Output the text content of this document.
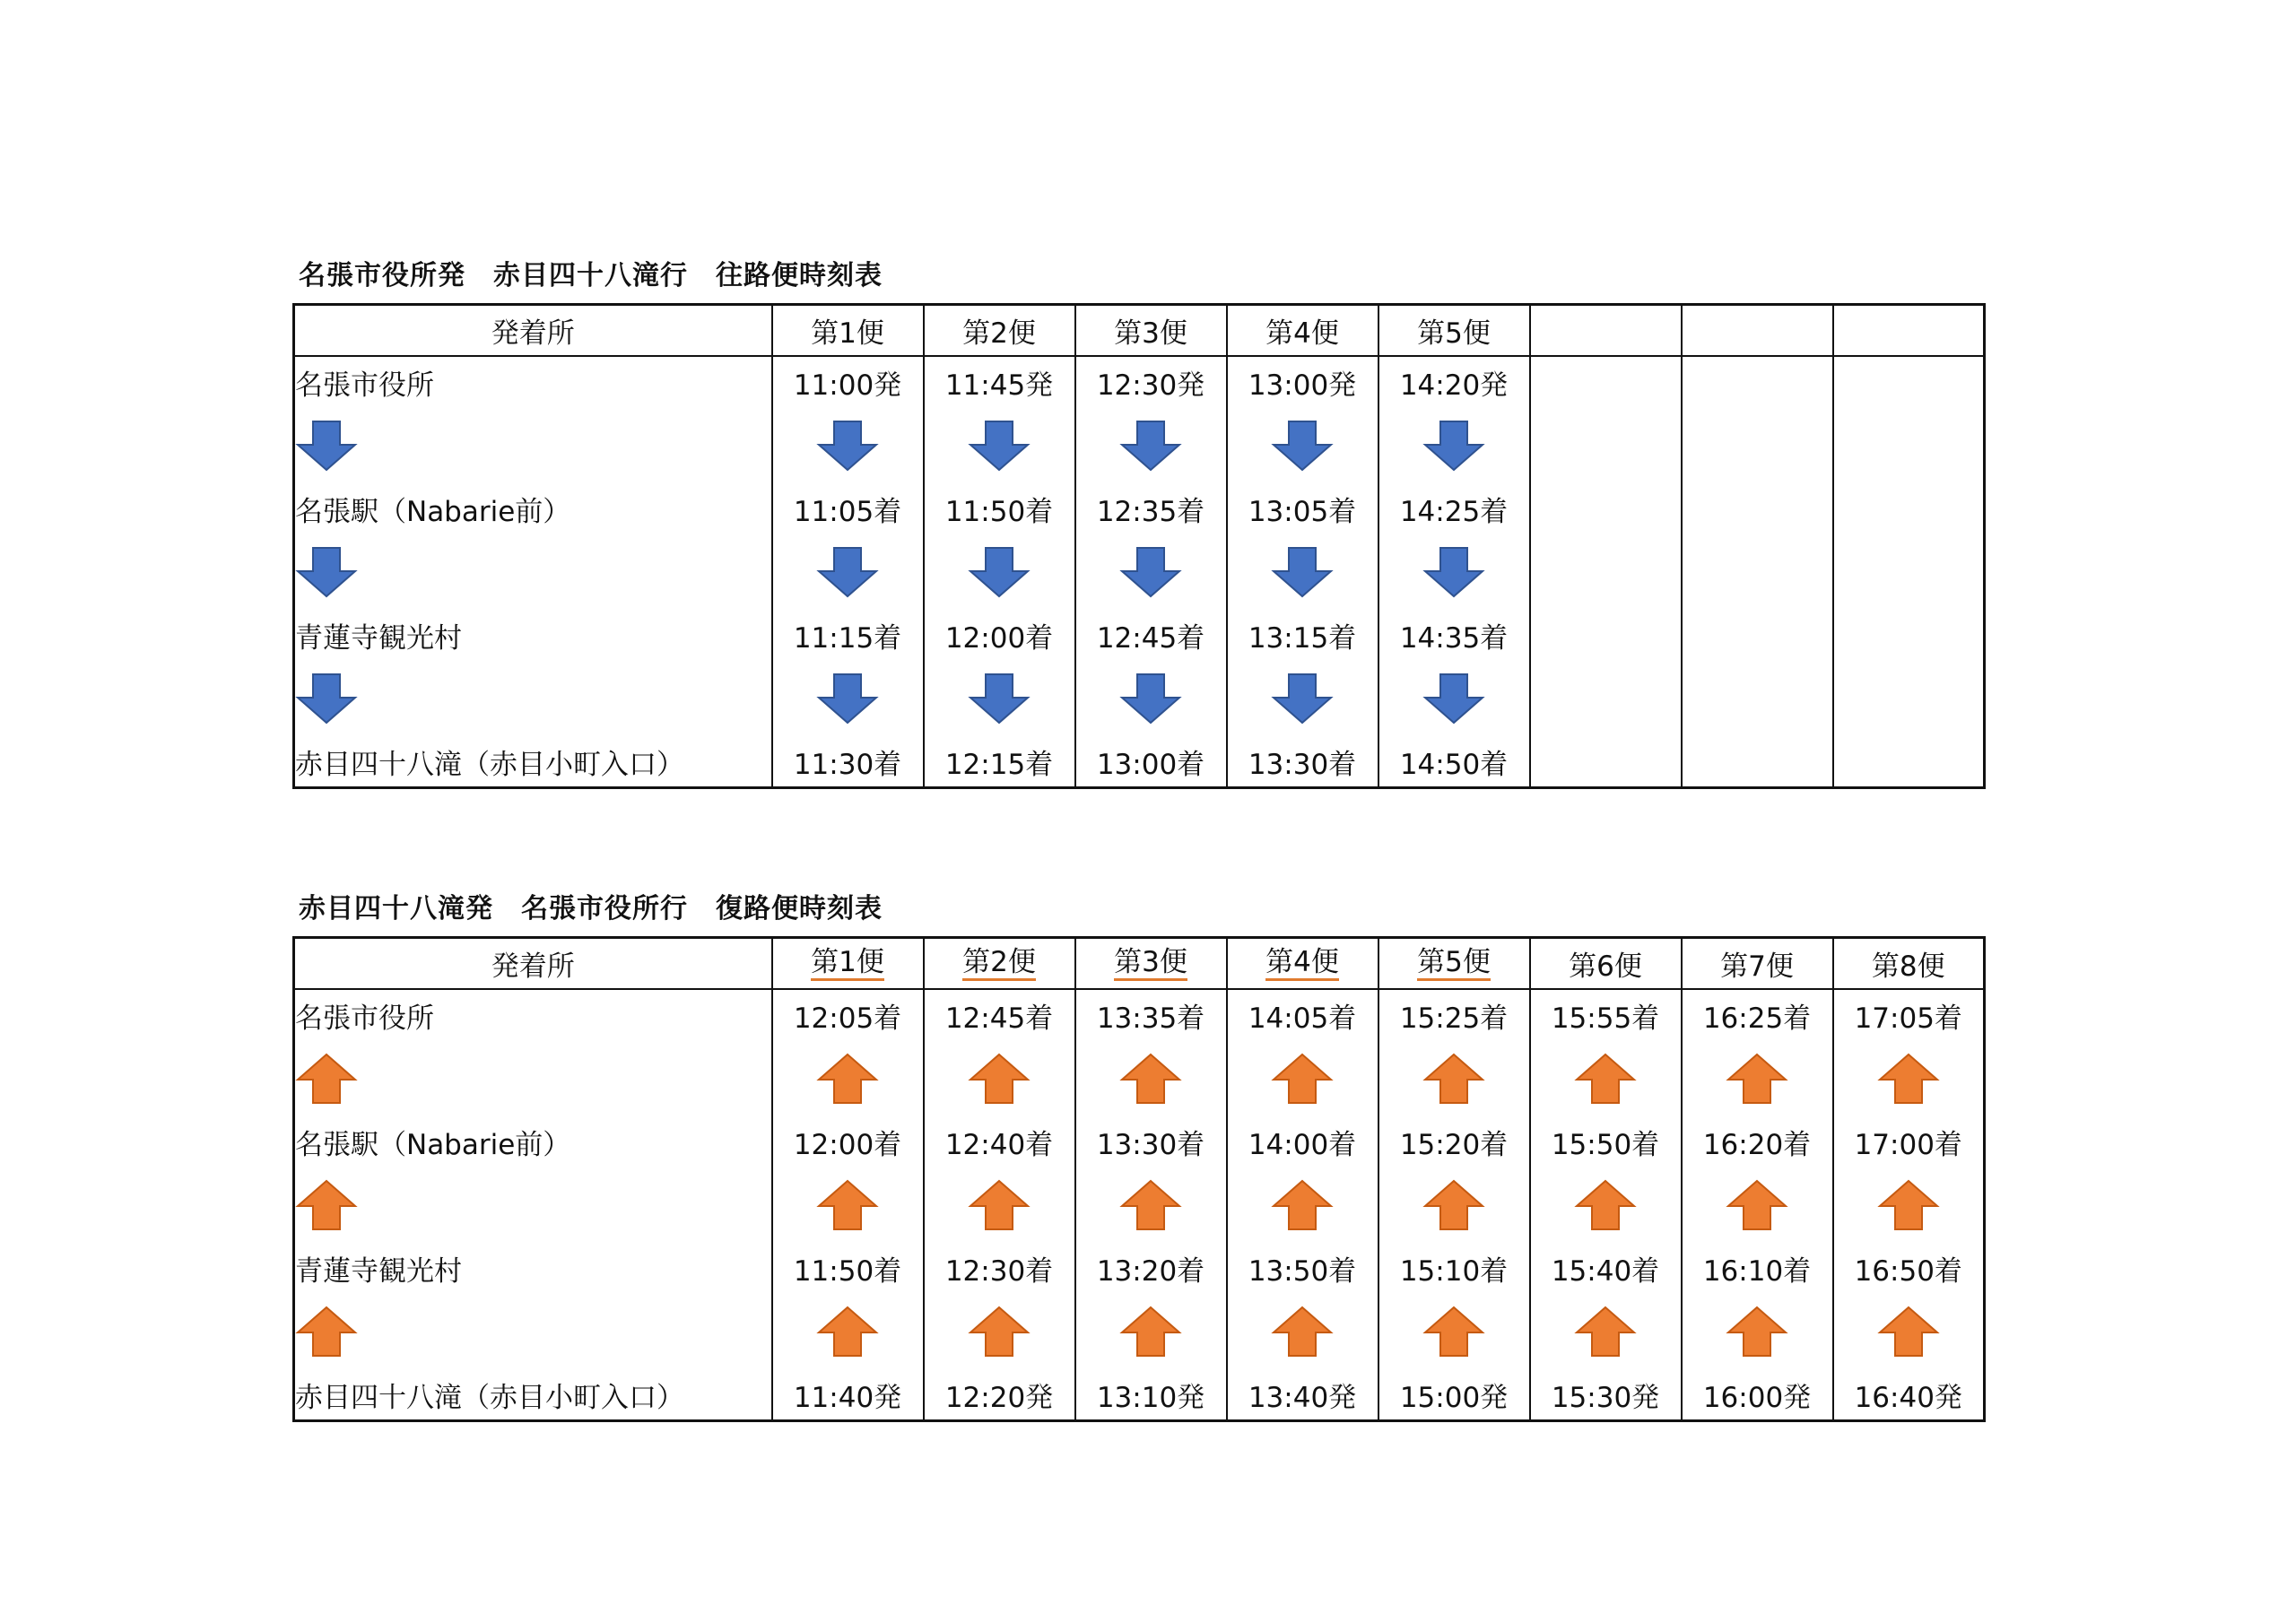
名張市役所発　赤目四十八滝行　往路便時刻表
発着所	第1便	第2便	第3便	第4便	第5便			
名張市役所	11:00発	11:45発	12:30発	13:00発	14:20発			

名張駅（Nabarie前）	11:05着	11:50着	12:35着	13:05着	14:25着			

青蓮寺観光村	11:15着	12:00着	12:45着	13:15着	14:35着			

赤目四十八滝（赤目小町入口）	11:30着	12:15着	13:00着	13:30着	14:50着			
赤目四十八滝発　名張市役所行　復路便時刻表
発着所	第1便	第2便	第3便	第4便	第5便	第6便	第7便	第8便
名張市役所	12:05着	12:45着	13:35着	14:05着	15:25着	15:55着	16:25着	17:05着

名張駅（Nabarie前）	12:00着	12:40着	13:30着	14:00着	15:20着	15:50着	16:20着	17:00着

青蓮寺観光村	11:50着	12:30着	13:20着	13:50着	15:10着	15:40着	16:10着	16:50着

赤目四十八滝（赤目小町入口）	11:40発	12:20発	13:10発	13:40発	15:00発	15:30発	16:00発	16:40発
